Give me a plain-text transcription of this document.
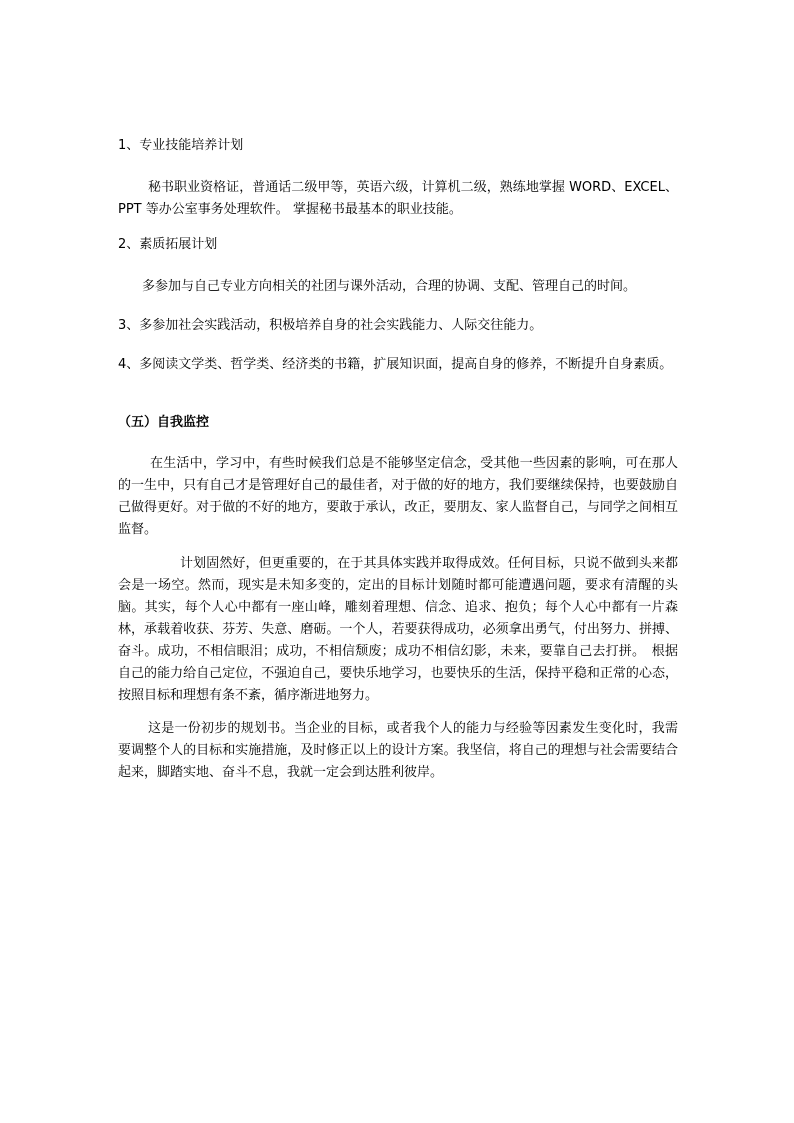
1、专业技能培养计划

秘书职业资格证，普通话二级甲等，英语六级，计算机二级，熟练地掌握 WORD、EXCEL、PPT 等办公室事务处理软件。 掌握秘书最基本的职业技能。

2、素质拓展计划

多参加与自己专业方向相关的社团与课外活动，合理的协调、支配、管理自己的时间。

3、多参加社会实践活动，积极培养自身的社会实践能力、人际交往能力。

4、多阅读文学类、哲学类、经济类的书籍，扩展知识面，提高自身的修养，不断提升自身素质。

（五）自我监控

在生活中，学习中，有些时候我们总是不能够坚定信念，受其他一些因素的影响，可在那人的一生中，只有自己才是管理好自己的最佳者，对于做的好的地方，我们要继续保持，也要鼓励自己做得更好。对于做的不好的地方，要敢于承认，改正，要朋友、家人监督自己，与同学之间相互监督。

计划固然好，但更重要的，在于其具体实践并取得成效。任何目标，只说不做到头来都会是一场空。然而，现实是未知多变的，定出的目标计划随时都可能遭遇问题，要求有清醒的头脑。其实，每个人心中都有一座山峰，雕刻着理想、信念、追求、抱负；每个人心中都有一片森林，承载着收获、芬芳、失意、磨砺。一个人，若要获得成功，必须拿出勇气，付出努力、拼搏、奋斗。成功，不相信眼泪；成功，不相信颓废；成功不相信幻影，未来，要靠自己去打拼。　根据自己的能力给自己定位，不强迫自己，要快乐地学习，也要快乐的生活，保持平稳和正常的心态，按照目标和理想有条不紊，循序渐进地努力。

这是一份初步的规划书。当企业的目标，或者我个人的能力与经验等因素发生变化时，我需要调整个人的目标和实施措施，及时修正以上的设计方案。我坚信，将自己的理想与社会需要结合起来，脚踏实地、奋斗不息，我就一定会到达胜利彼岸。
